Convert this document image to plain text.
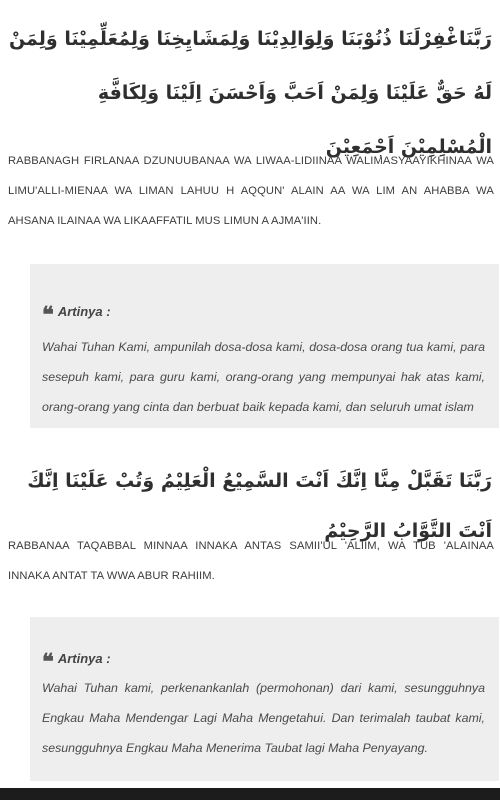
رَبَّنَاغْفِرْلَنَا ذُنُوْبَنَا وَلِوَالِدِيْنَا وَلِمَشَايِخِنَا وَلِمُعَلِّمِيْنَا وَلِمَنْ لَهُ حَقٌّ عَلَيْنَا وَلِمَنْ اَحَبَّ وَاَحْسَنَ اِلَيْنَا وَلِكَافَّةِ الْمُسْلِمِيْنَ اَجْمَعِيْنَ

RABBANAGH FIRLANAA DZUNUUBANAA WA LIWAA-LIDIINAA WALIMASYAAYIKHINAA WA LIMU'ALLI-MIENAA WA LIMAN LAHUU H AQQUN' ALAIN AA WA LIM AN AHABBA WA AHSANA ILAINAA WA LIKAAFFATIL MUS LIMUN A AJMA'IIN.

❝ Artinya :

Wahai Tuhan Kami, ampunilah dosa-dosa kami, dosa-dosa orang tua kami, para sesepuh kami, para guru kami, orang-orang yang mempunyai hak atas kami, orang-orang yang cinta dan berbuat baik kepada kami, dan seluruh umat islam

رَبَّنَا تَقَبَّلْ مِنَّا اِنَّكَ اَنْتَ السَّمِيْعُ الْعَلِيْمُ وَتُبْ عَلَيْنَا اِنَّكَ اَنْتَ التَّوَّابُ الرَّحِيْمُ

RABBANAA TAQABBAL MINNAA INNAKA ANTAS SAMII'UL 'ALIIM, WA TUB 'ALAINAA INNAKA ANTAT TA WWA ABUR RAHIIM.

❝ Artinya :

Wahai Tuhan kami, perkenankanlah (permohonan) dari kami, sesungguhnya Engkau Maha Mendengar Lagi Maha Mengetahui. Dan terimalah taubat kami, sesungguhnya Engkau Maha Menerima Taubat lagi Maha Penyayang.
